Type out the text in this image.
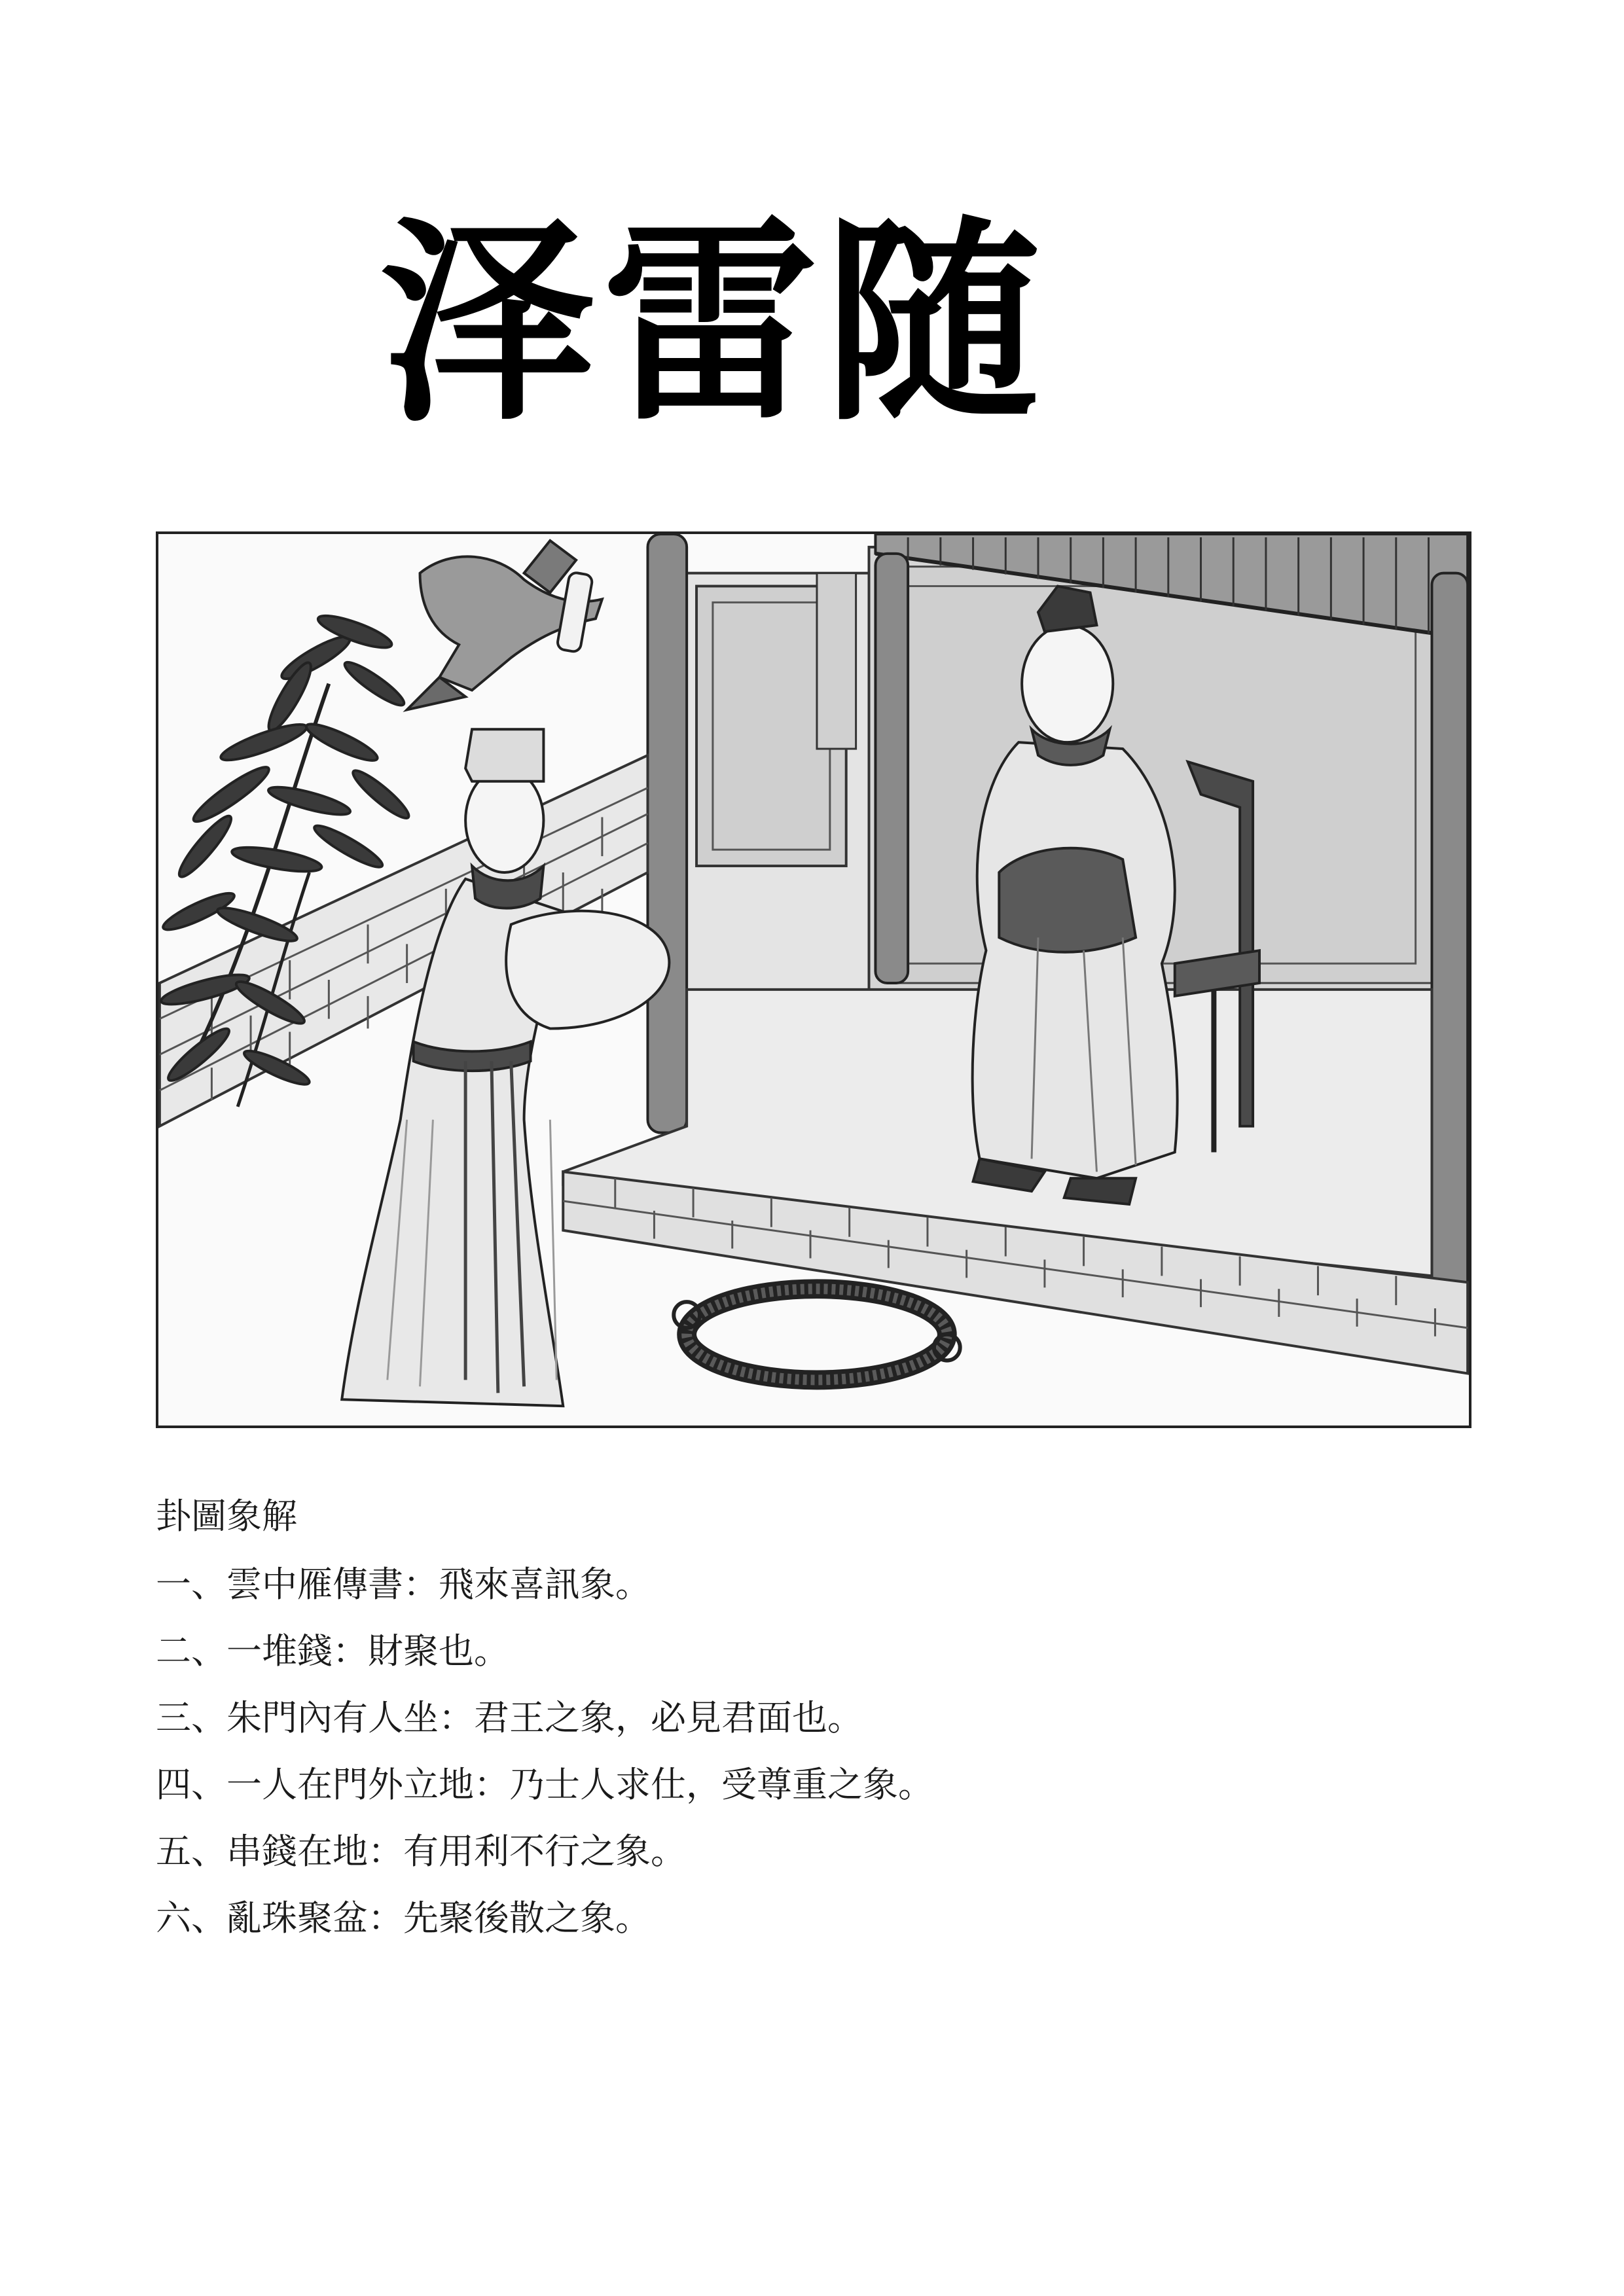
泽雷随
卦圖象解
一、雲中雁傳書：飛來喜訊象。
二、一堆錢：財聚也。
三、朱門內有人坐：君王之象，必見君面也。
四、一人在門外立地：乃士人求仕，受尊重之象。
五、串錢在地：有用利不行之象。
六、亂珠聚盆：先聚後散之象。
